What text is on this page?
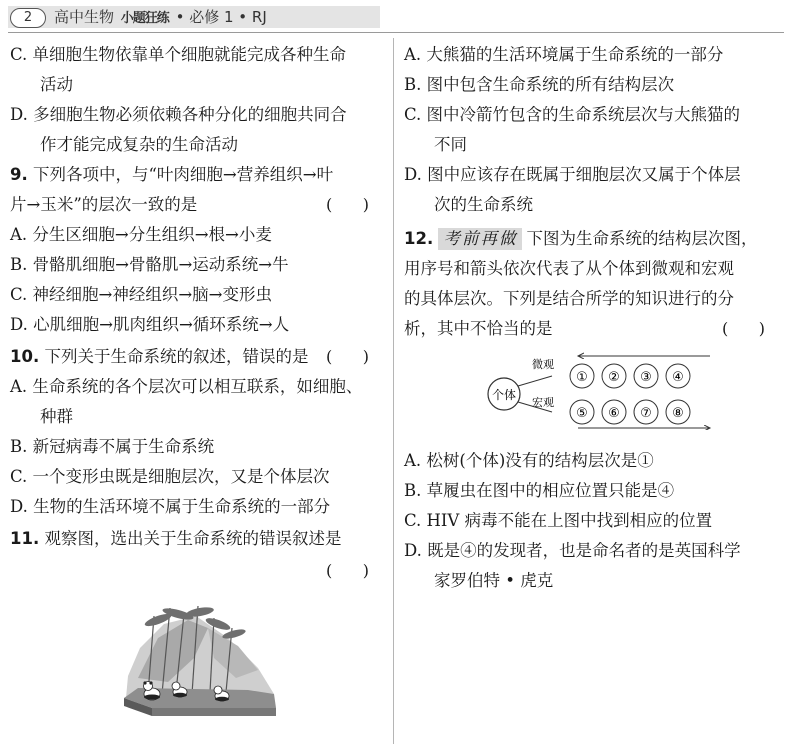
2	高中生物 小题狂练 • 必修 1 • RJ
C. 单细胞生物依靠单个细胞就能完成各种生命
活动
D. 多细胞生物必须依赖各种分化的细胞共同合
作才能完成复杂的生命活动
9. 下列各项中，与“叶肉细胞→营养组织→叶
片→玉米”的层次一致的是	(      )
A. 分生区细胞→分生组织→根→小麦
B. 骨骼肌细胞→骨骼肌→运动系统→牛
C. 神经细胞→神经组织→脑→变形虫
D. 心肌细胞→肌肉组织→循环系统→人
10. 下列关于生命系统的叙述，错误的是 (      )
A. 生命系统的各个层次可以相互联系，如细胞、
种群
B. 新冠病毒不属于生命系统
C. 一个变形虫既是细胞层次，又是个体层次
D. 生物的生活环境不属于生命系统的一部分
11. 观察图，选出关于生命系统的错误叙述是
(      )
A. 大熊猫的生活环境属于生命系统的一部分
B. 图中包含生命系统的所有结构层次
C. 图中冷箭竹包含的生命系统层次与大熊猫的
不同
D. 图中应该存在既属于细胞层次又属于个体层
次的生命系统
12. 考前再做 下图为生命系统的结构层次图，
用序号和箭头依次代表了从个体到微观和宏观
的具体层次。下列是结合所学的知识进行的分
析，其中不恰当的是	(      )
个体
微观
宏观
① ② ③ ④
⑤ ⑥ ⑦ ⑧
A. 松树(个体)没有的结构层次是①
B. 草履虫在图中的相应位置只能是④
C. HIV 病毒不能在上图中找到相应的位置
D. 既是④的发现者，也是命名者的是英国科学
家罗伯特 • 虎克
